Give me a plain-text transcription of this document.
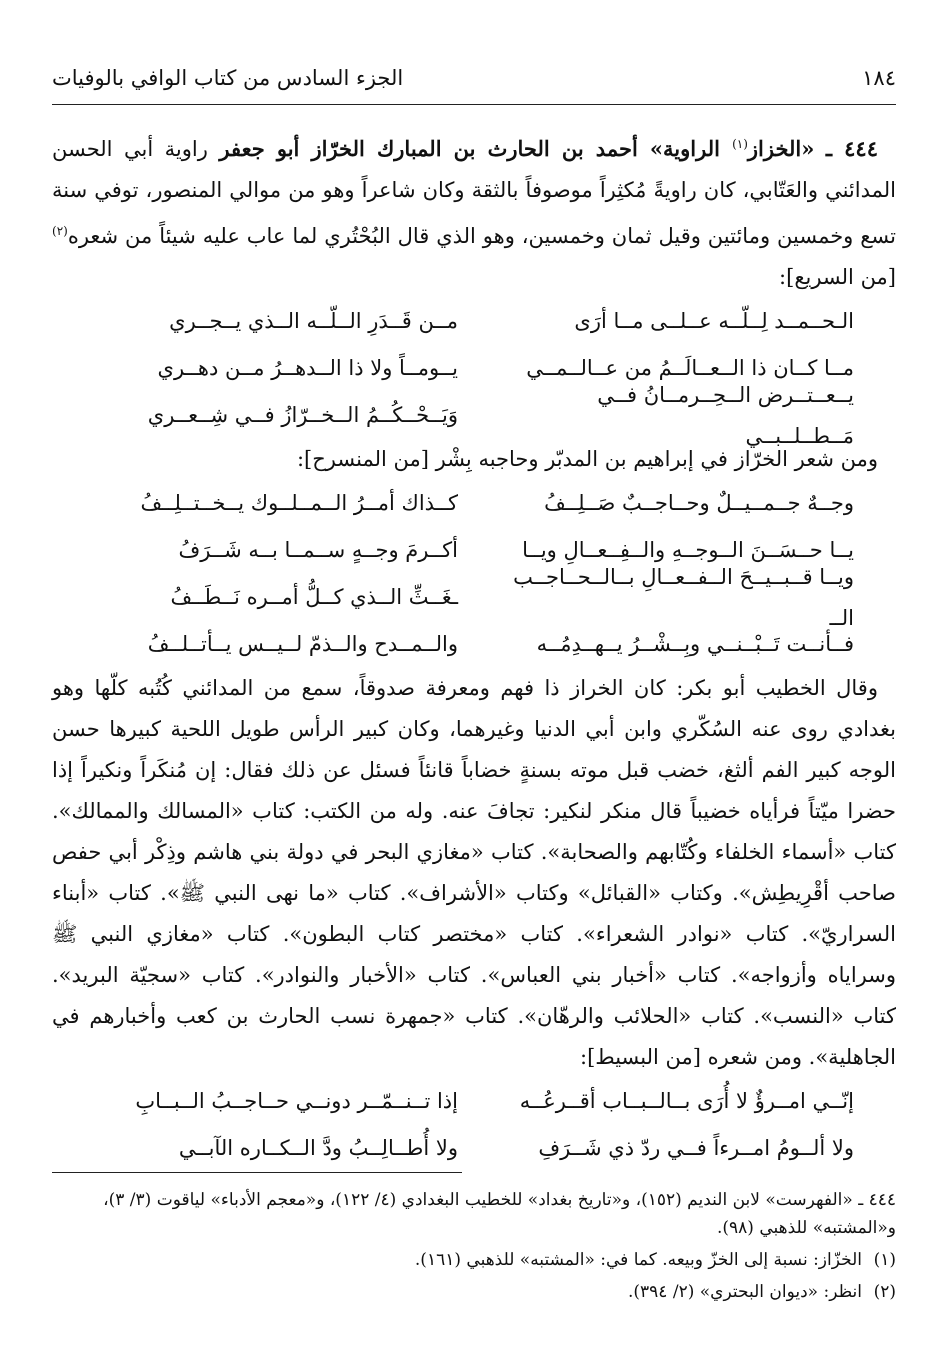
١٨٤
الجزء السادس من كتاب الوافي بالوفيات

٤٤٤ ـ «الخزاز$^{(١)}$ الراوية» أحمد بن الحارث بن المبارك الخرّاز أبو جعفر راوية أبي الحسن المدائني والعَتّابي، كان راويةً مُكثِراً موصوفاً بالثقة وكان شاعراً وهو من موالي المنصور، توفي سنة تسع وخمسين ومائتين وقيل ثمان وخمسين، وهو الذي قال البُحْتُري لما عاب عليه شيئاً من شعره$^{(٢)}$ [من السريع]:

الـحــمــد لِــلّــه عــلــى مــا أرَى
مــن قَــدَرِ الــلّــه الــذي يــجــري
مــا كــان ذا الــعــالَــمُ من عــالــمــي
يــومــاً ولا ذا الــدهــرُ مــن دهــري
يــعــتــرض الــحِــرمــانُ فــي مَــطــلــبــي
وَيَــحْــكُــمُ الــخــرّازُ فــي شِــعــري

ومن شعر الخرّاز في إبراهيم بن المدبّر وحاجبه بِشْر [من المنسرح]:

وجــهٌ جــمــيــلٌ وحــاجــبٌ صَــلِــفُ
كــذاك أمــرُ الــمــلــوك يــخــتــلِــفُ
يــا حــسَــنَ الــوجــهِ والــفِــعــالِ ويــا
أكــرمَ وجــهٍ ســمــا بــه شَــرَفُ
ويــا قــبــيــحَ الــفــعــالِ بــالــحــاجــب الــ
ـغَــثِّ الــذي كــلُّ أمــره نَــطَــفُ
فــأنــت تَــبْــنــي وبِــشْــرُ يــهــدِمُــه
والــمــدح والــذمّ لــيــس يــأتــلــفُ

وقال الخطيب أبو بكر: كان الخراز ذا فهم ومعرفة صدوقاً، سمع من المدائني كُتُبه كلّها وهو بغدادي روى عنه السُكّري وابن أبي الدنيا وغيرهما، وكان كبير الرأس طويل اللحية كبيرها حسن الوجه كبير الفم ألثغ، خضب قبل موته بسنةٍ خضاباً قانئاً فسئل عن ذلك فقال: إن مُنكَراً ونكيراً إذا حضرا ميّتاً فرأياه خضيباً قال منكر لنكير: تجافَ عنه. وله من الكتب: كتاب «المسالك والممالك». كتاب «أسماء الخلفاء وكُتّابهم والصحابة». كتاب «مغازي البحر في دولة بني هاشم وذِكْر أبي حفص صاحب أقْرِيطِش». وكتاب «القبائل» وكتاب «الأشراف». كتاب «ما نهى النبي ﷺ». كتاب «أبناء السراريّ». كتاب «نوادر الشعراء». كتاب «مختصر كتاب البطون». كتاب «مغازي النبي ﷺ وسراياه وأزواجه». كتاب «أخبار بني العباس». كتاب «الأخبار والنوادر». كتاب «سجيّة البريد». كتاب «النسب». كتاب «الحلائب والرهّان». كتاب «جمهرة نسب الحارث بن كعب وأخبارهم في الجاهلية». ومن شعره [من البسيط]:

إنّــي امــرؤٌ لا أُرَى بــالــبــاب أقــرعُــه
إذا تــنــمّــر دونــي حــاجــبُ الــبــابِ
ولا ألــومُ امــرءاً فــي ردّ ذي شَــرَفِ
ولا أُطــالِــبُ ودَّ الــكــاره الآبــي

٤٤٤ ـ «الفهرست» لابن النديم (١٥٢)، و«تاريخ بغداد» للخطيب البغدادي (٤/ ١٢٢)، و«معجم الأدباء» لياقوت (٣/ ٣)، و«المشتبه» للذهبي (٩٨).

(١)الخزّاز: نسبة إلى الخزّ وبيعه. كما في: «المشتبه» للذهبي (١٦١).

(٢)انظر: «ديوان البحتري» (٢/ ٣٩٤).
